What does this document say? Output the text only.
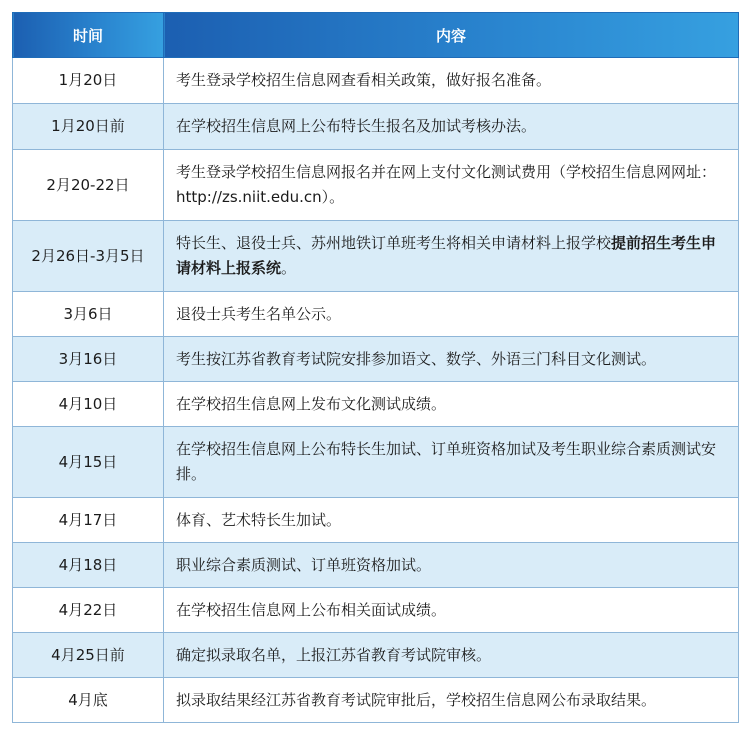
时间	内容
1月20日	考生登录学校招生信息网查看相关政策，做好报名准备。
1月20日前	在学校招生信息网上公布特长生报名及加试考核办法。
2月20-22日	考生登录学校招生信息网报名并在网上支付文化测试费用（学校招生信息网网址：http://zs.niit.edu.cn）。
2月26日-3月5日	特长生、退役士兵、苏州地铁订单班考生将相关申请材料上报学校提前招生考生申请材料上报系统。
3月6日	退役士兵考生名单公示。
3月16日	考生按江苏省教育考试院安排参加语文、数学、外语三门科目文化测试。
4月10日	在学校招生信息网上发布文化测试成绩。
4月15日	在学校招生信息网上公布特长生加试、订单班资格加试及考生职业综合素质测试安排。
4月17日	体育、艺术特长生加试。
4月18日	职业综合素质测试、订单班资格加试。
4月22日	在学校招生信息网上公布相关面试成绩。
4月25日前	确定拟录取名单，上报江苏省教育考试院审核。
4月底	拟录取结果经江苏省教育考试院审批后，学校招生信息网公布录取结果。
